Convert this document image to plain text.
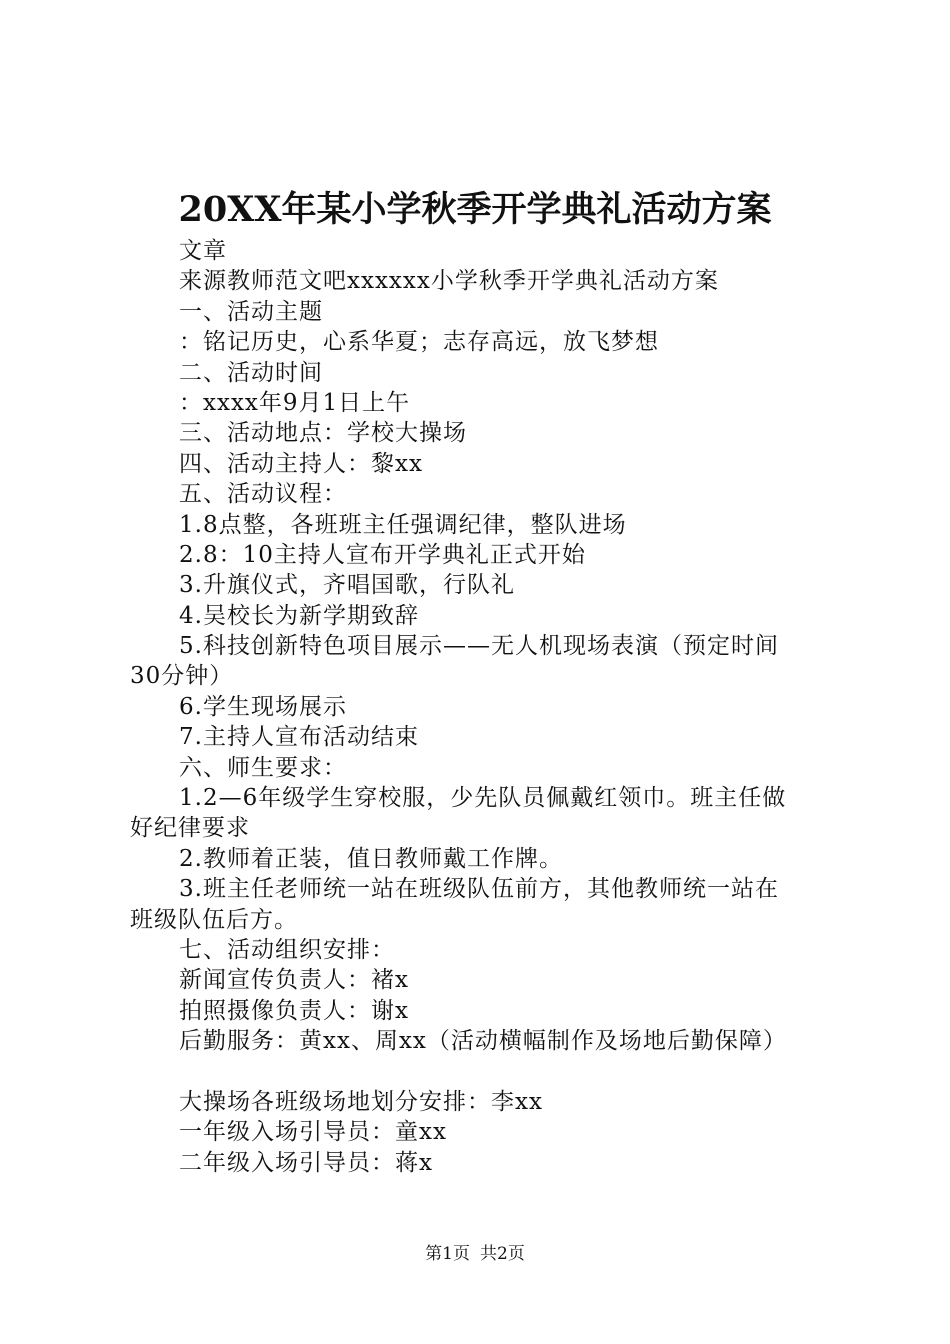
20XX年某小学秋季开学典礼活动方案
文章
来源教师范文吧xxxxxx小学秋季开学典礼活动方案
一、活动主题
：铭记历史，心系华夏；志存高远，放飞梦想
二、活动时间
：xxxx年9月1日上午
三、活动地点：学校大操场
四、活动主持人：黎xx
五、活动议程：
1.8点整，各班班主任强调纪律，整队进场
2.8：10主持人宣布开学典礼正式开始
3.升旗仪式，齐唱国歌，行队礼
4.吴校长为新学期致辞
5.科技创新特色项目展示——无人机现场表演（预定时间
30分钟）
6.学生现场展示
7.主持人宣布活动结束
六、师生要求：
1.2—6年级学生穿校服，少先队员佩戴红领巾。班主任做
好纪律要求
2.教师着正装，值日教师戴工作牌。
3.班主任老师统一站在班级队伍前方，其他教师统一站在
班级队伍后方。
七、活动组织安排：
新闻宣传负责人：褚x
拍照摄像负责人：谢x
后勤服务：黄xx、周xx（活动横幅制作及场地后勤保障）
大操场各班级场地划分安排：李xx
一年级入场引导员：童xx
二年级入场引导员：蒋x
第1页 共2页
